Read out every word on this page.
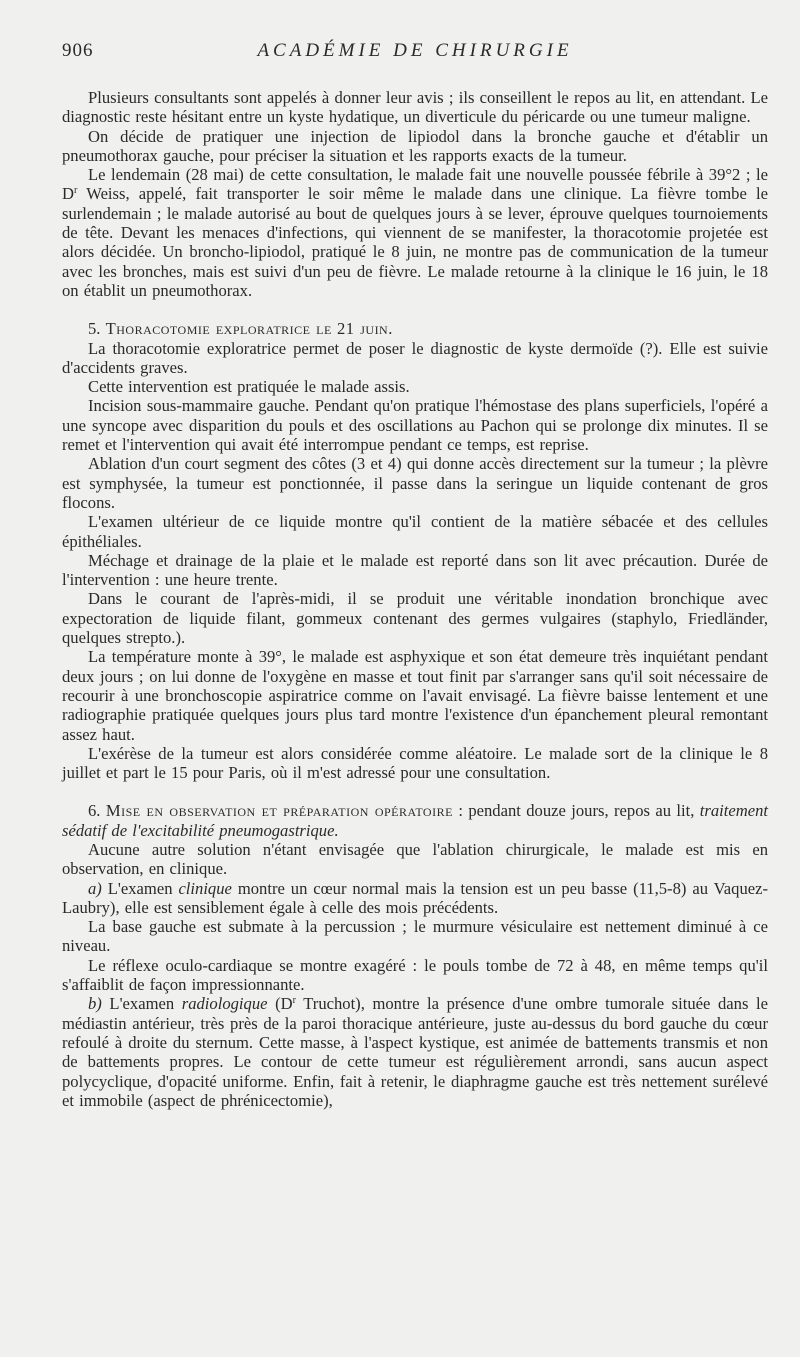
906	ACADÉMIE DE CHIRURGIE

Plusieurs consultants sont appelés à donner leur avis ; ils conseillent le repos au lit, en attendant. Le diagnostic reste hésitant entre un kyste hydatique, un diverticule du péricarde ou une tumeur maligne.

On décide de pratiquer une injection de lipiodol dans la bronche gauche et d'établir un pneumothorax gauche, pour préciser la situation et les rapports exacts de la tumeur.

Le lendemain (28 mai) de cette consultation, le malade fait une nouvelle poussée fébrile à 39°2 ; le $D^r$ Weiss, appelé, fait transporter le soir même le malade dans une clinique. La fièvre tombe le surlendemain ; le malade autorisé au bout de quelques jours à se lever, éprouve quelques tournoiements de tête. Devant les menaces d'infections, qui viennent de se manifester, la thoracotomie projetée est alors décidée. Un broncho-lipiodol, pratiqué le 8 juin, ne montre pas de communication de la tumeur avec les bronches, mais est suivi d'un peu de fièvre. Le malade retourne à la clinique le 16 juin, le 18 on établit un pneumothorax.

5. Thoracotomie exploratrice le 21 juin.

La thoracotomie exploratrice permet de poser le diagnostic de kyste dermoïde (?). Elle est suivie d'accidents graves.

Cette intervention est pratiquée le malade assis.

Incision sous-mammaire gauche. Pendant qu'on pratique l'hémostase des plans superficiels, l'opéré a une syncope avec disparition du pouls et des oscillations au Pachon qui se prolonge dix minutes. Il se remet et l'intervention qui avait été interrompue pendant ce temps, est reprise.

Ablation d'un court segment des côtes (3 et 4) qui donne accès directement sur la tumeur ; la plèvre est symphysée, la tumeur est ponctionnée, il passe dans la seringue un liquide contenant de gros flocons.

L'examen ultérieur de ce liquide montre qu'il contient de la matière sébacée et des cellules épithéliales.

Méchage et drainage de la plaie et le malade est reporté dans son lit avec précaution. Durée de l'intervention : une heure trente.

Dans le courant de l'après-midi, il se produit une véritable inondation bronchique avec expectoration de liquide filant, gommeux contenant des germes vulgaires (staphylo, Friedländer, quelques strepto.).

La température monte à 39°, le malade est asphyxique et son état demeure très inquiétant pendant deux jours ; on lui donne de l'oxygène en masse et tout finit par s'arranger sans qu'il soit nécessaire de recourir à une bronchoscopie aspiratrice comme on l'avait envisagé. La fièvre baisse lentement et une radiographie pratiquée quelques jours plus tard montre l'existence d'un épanchement pleural remontant assez haut.

L'exérèse de la tumeur est alors considérée comme aléatoire. Le malade sort de la clinique le 8 juillet et part le 15 pour Paris, où il m'est adressé pour une consultation.

6. Mise en observation et préparation opératoire : pendant douze jours, repos au lit, traitement sédatif de l'excitabilité pneumogastrique.

Aucune autre solution n'étant envisagée que l'ablation chirurgicale, le malade est mis en observation, en clinique.

a) L'examen clinique montre un cœur normal mais la tension est un peu basse (11,5-8) au Vaquez-Laubry), elle est sensiblement égale à celle des mois précédents.

La base gauche est submate à la percussion ; le murmure vésiculaire est nettement diminué à ce niveau.

Le réflexe oculo-cardiaque se montre exagéré : le pouls tombe de 72 à 48, en même temps qu'il s'affaiblit de façon impressionnante.

b) L'examen radiologique ($D^r$ Truchot), montre la présence d'une ombre tumorale située dans le médiastin antérieur, très près de la paroi thoracique antérieure, juste au-dessus du bord gauche du cœur refoulé à droite du sternum. Cette masse, à l'aspect kystique, est animée de battements transmis et non de battements propres. Le contour de cette tumeur est régulièrement arrondi, sans aucun aspect polycyclique, d'opacité uniforme. Enfin, fait à retenir, le diaphragme gauche est très nettement surélevé et immobile (aspect de phrénicectomie),
